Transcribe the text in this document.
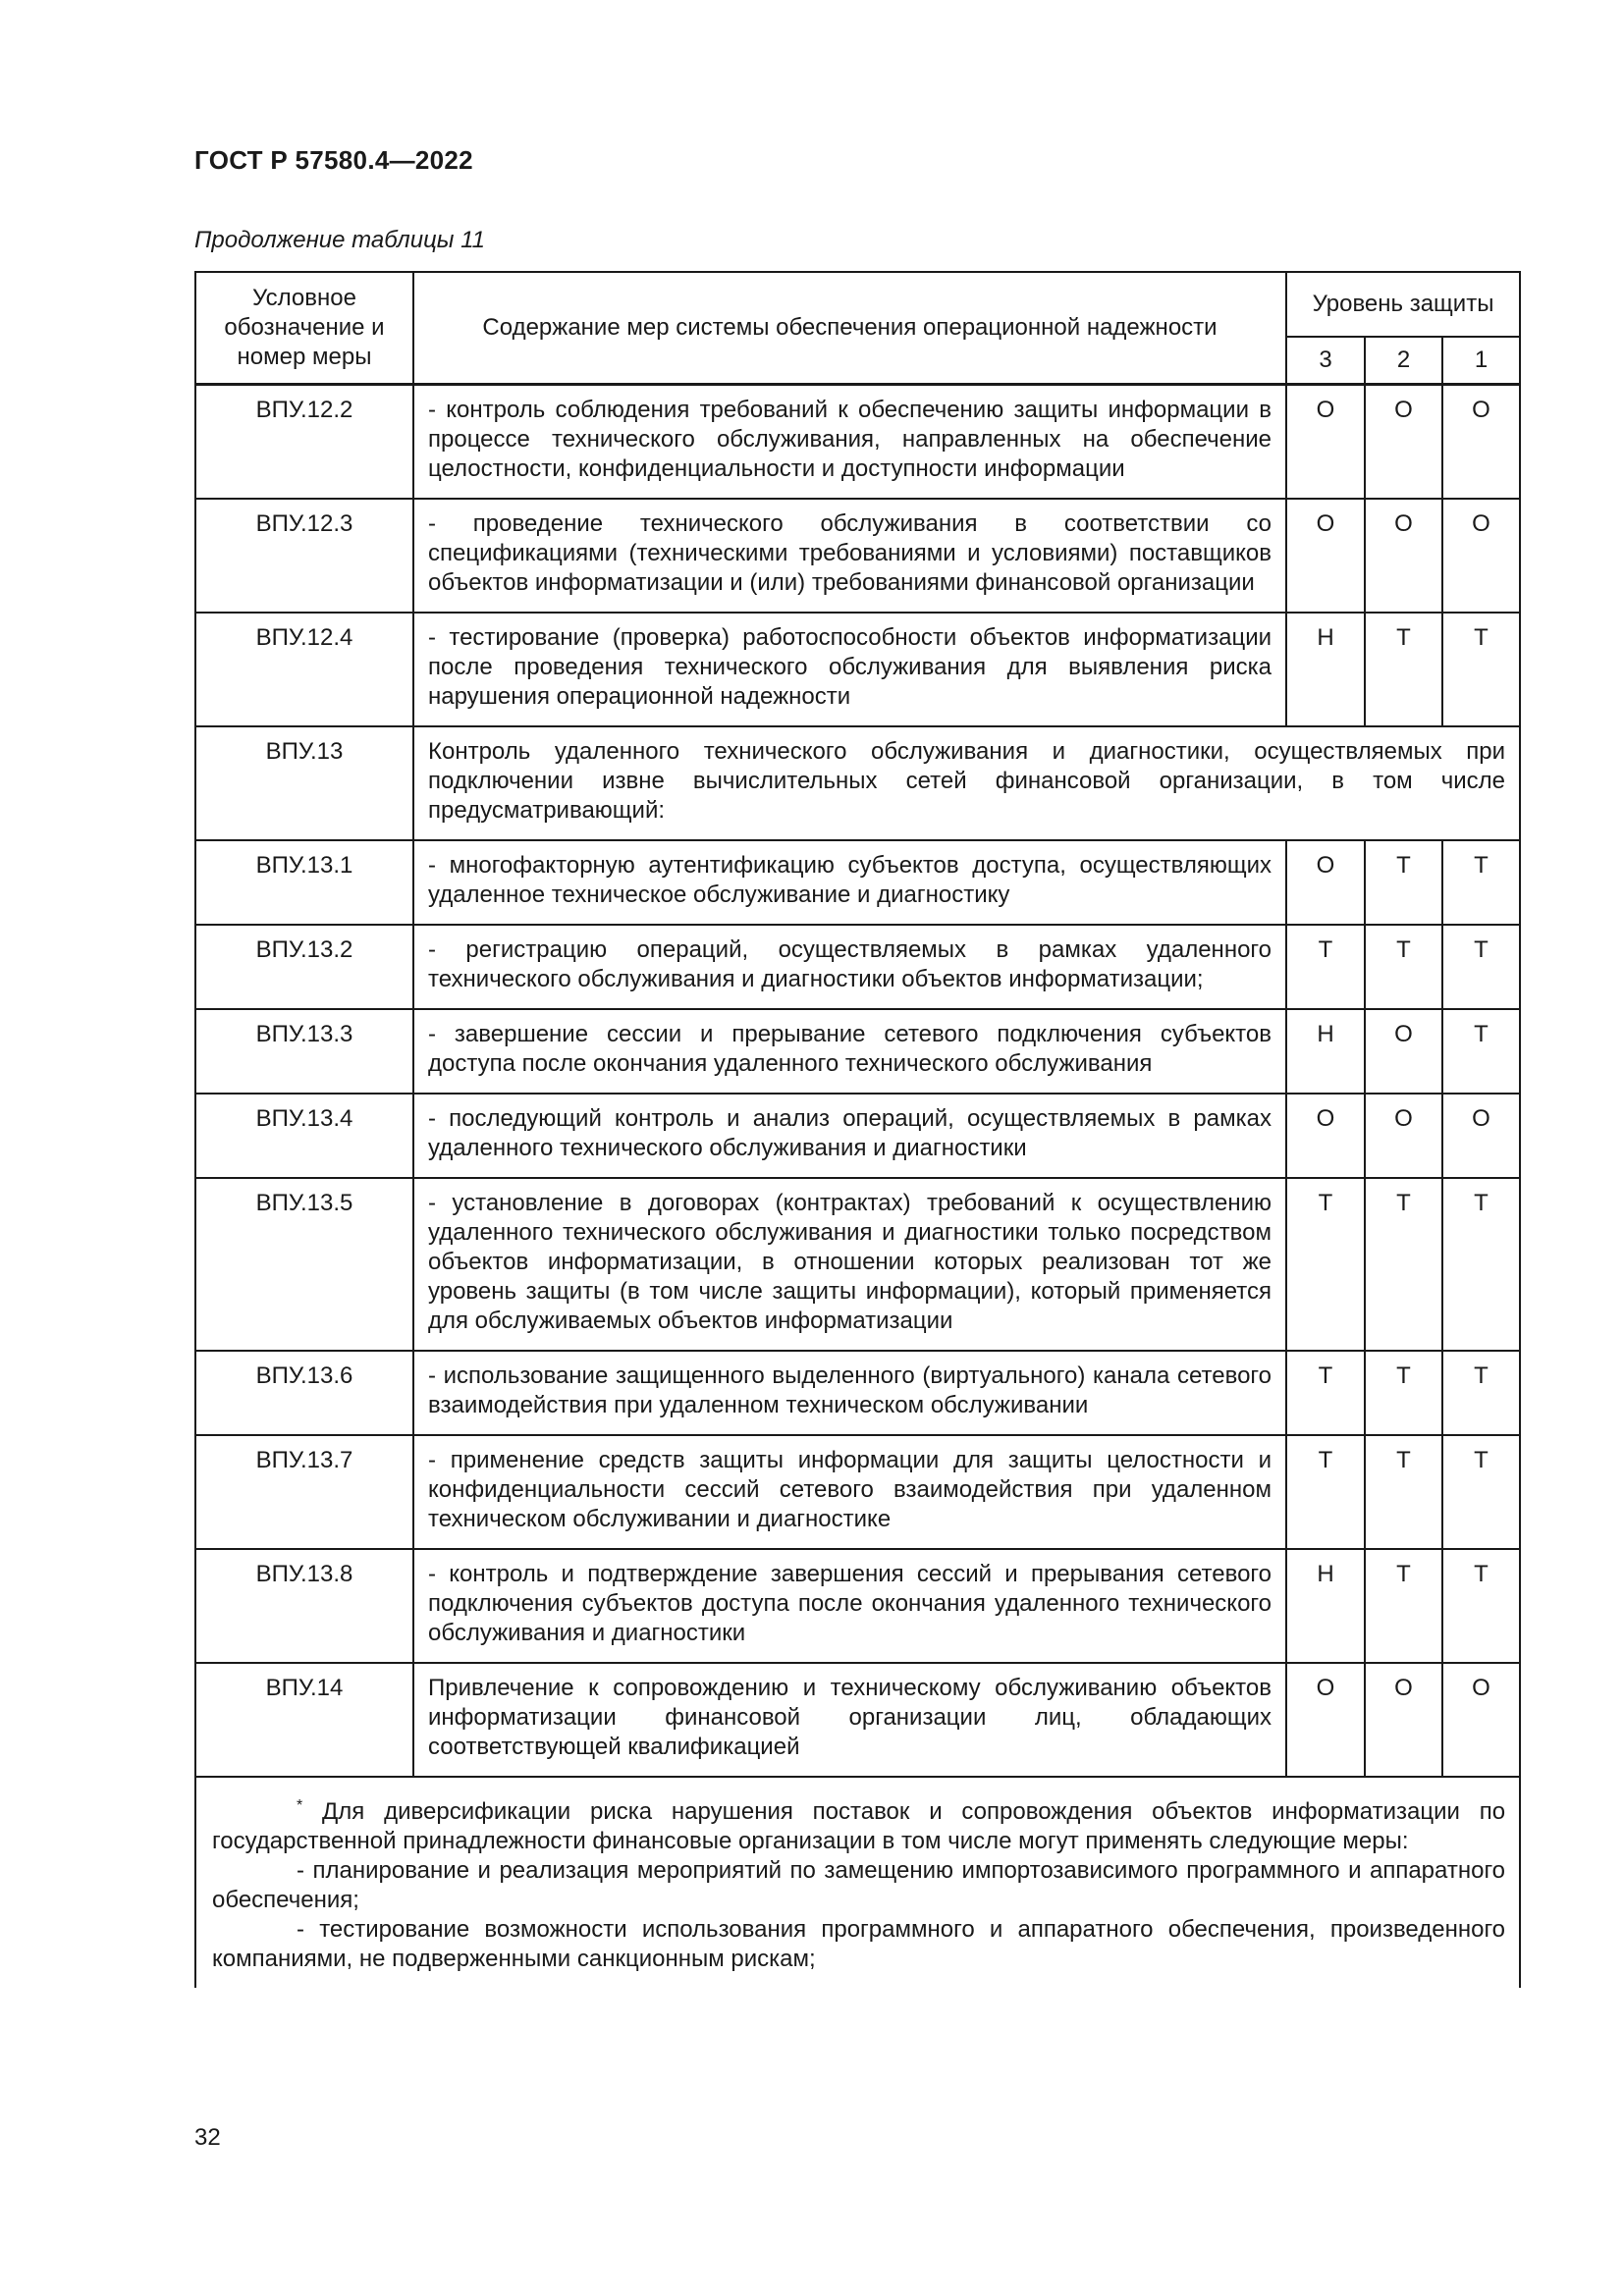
ГОСТ Р 57580.4—2022
Продолжение таблицы 11
Условное обозначение и номер меры	Содержание мер системы обеспечения операционной надежности	Уровень защиты		
		3	2	1
ВПУ.12.2	- контроль соблюдения требований к обеспечению защиты информации в процессе технического обслуживания, направленных на обеспечение целостности, конфиденциальности и доступности информации	О	О	О
ВПУ.12.3	- проведение технического обслуживания в соответствии со спецификациями (техническими требованиями и условиями) поставщиков объектов информатизации и (или) требованиями финансовой организации	О	О	О
ВПУ.12.4	- тестирование (проверка) работоспособности объектов информатизации после проведения технического обслуживания для выявления риска нарушения операционной надежности	Н	Т	Т
ВПУ.13	Контроль удаленного технического обслуживания и диагностики, осуществляемых при подключении извне вычислительных сетей финансовой организации, в том числе предусматривающий:			
ВПУ.13.1	- многофакторную аутентификацию субъектов доступа, осуществляющих удаленное техническое обслуживание и диагностику	О	Т	Т
ВПУ.13.2	- регистрацию операций, осуществляемых в рамках удаленного технического обслуживания и диагностики объектов информатизации;	Т	Т	Т
ВПУ.13.3	- завершение сессии и прерывание сетевого подключения субъектов доступа после окончания удаленного технического обслуживания	Н	О	Т
ВПУ.13.4	- последующий контроль и анализ операций, осуществляемых в рамках удаленного технического обслуживания и диагностики	О	О	О
ВПУ.13.5	- установление в договорах (контрактах) требований к осуществлению удаленного технического обслуживания и диагностики только посредством объектов информатизации, в отношении которых реализован тот же уровень защиты (в том числе защиты информации), который применяется для обслуживаемых объектов информатизации	Т	Т	Т
ВПУ.13.6	- использование защищенного выделенного (виртуального) канала сетевого взаимодействия при удаленном техническом обслуживании	Т	Т	Т
ВПУ.13.7	- применение средств защиты информации для защиты целостности и конфиденциальности сессий сетевого взаимодействия при удаленном техническом обслуживании и диагностике	Т	Т	Т
ВПУ.13.8	- контроль и подтверждение завершения сессий и прерывания сетевого подключения субъектов доступа после окончания удаленного технического обслуживания и диагностики	Н	Т	Т
ВПУ.14	Привлечение к сопровождению и техническому обслуживанию объектов информатизации финансовой организации лиц, обладающих соответствующей квалификацией	О	О	О

* Для диверсификации риска нарушения поставок и сопровождения объектов информатизации по государственной принадлежности финансовые организации в том числе могут применять следующие меры:

- планирование и реализация мероприятий по замещению импортозависимого программного и аппаратного обеспечения;

- тестирование возможности использования программного и аппаратного обеспечения, произведенного компаниями, не подверженными санкционным рискам;				

32
